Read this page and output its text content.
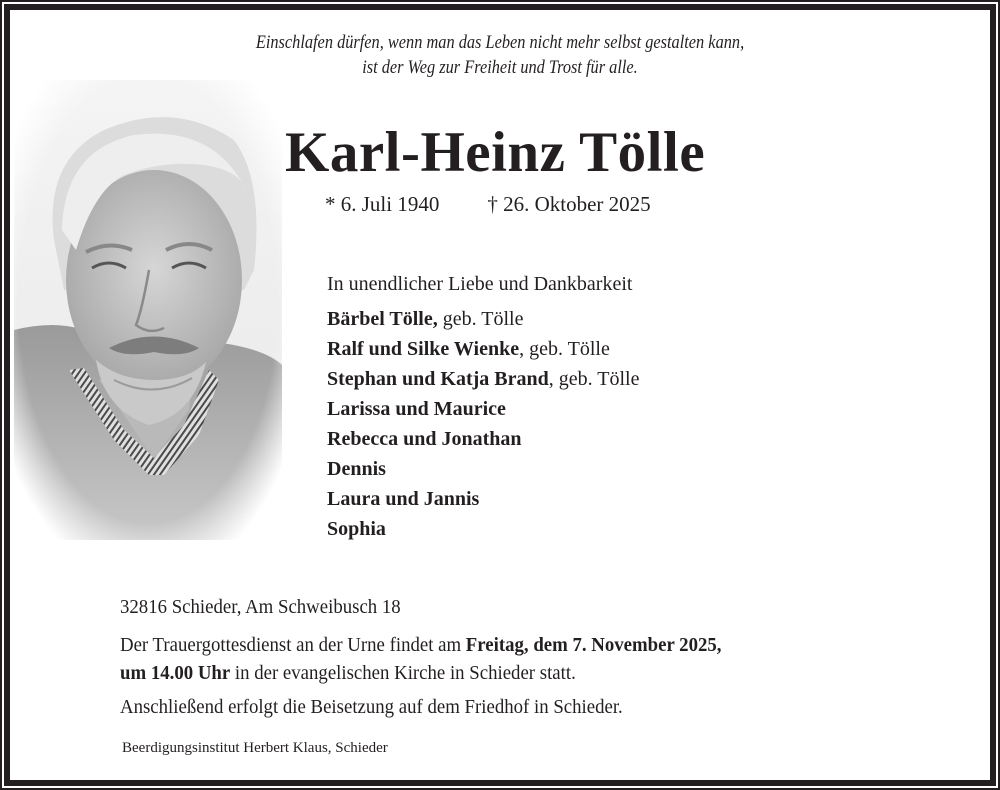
Einschlafen dürfen, wenn man das Leben nicht mehr selbst gestalten kann,
ist der Weg zur Freiheit und Trost für alle.
Karl-Heinz Tölle
* 6. Juli 1940 † 26. Oktober 2025
In unendlicher Liebe und Dankbarkeit
Bärbel Tölle, geb. Tölle
Ralf und Silke Wienke, geb. Tölle
Stephan und Katja Brand, geb. Tölle
Larissa und Maurice
Rebecca und Jonathan
Dennis
Laura und Jannis
Sophia
32816 Schieder, Am Schweibusch 18
Der Trauergottesdienst an der Urne findet am Freitag, dem 7. November 2025,
um 14.00 Uhr in der evangelischen Kirche in Schieder statt.
Anschließend erfolgt die Beisetzung auf dem Friedhof in Schieder.
Beerdigungsinstitut Herbert Klaus, Schieder
